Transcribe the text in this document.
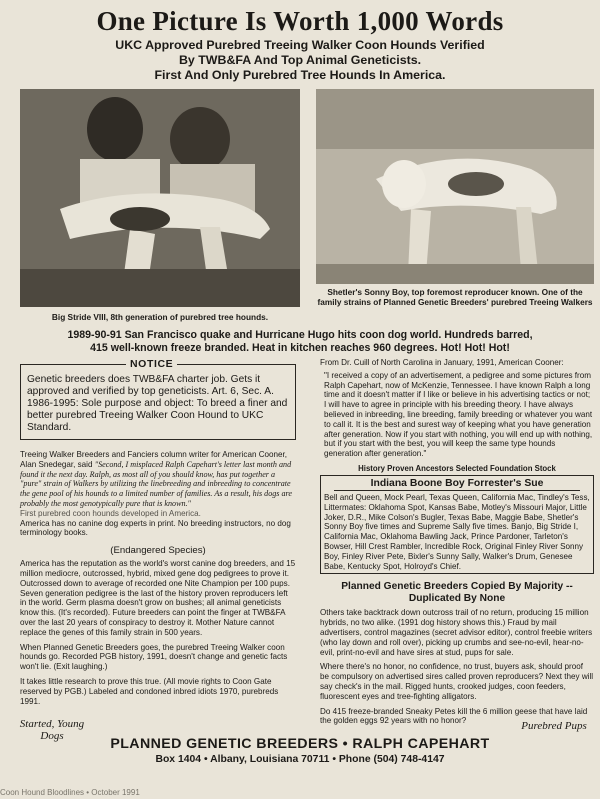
One Picture Is Worth 1,000 Words
UKC Approved Purebred Treeing Walker Coon Hounds Verified
By TWB&FA And Top Animal Geneticists.
First And Only Purebred Tree Hounds In America.
Big Stride VIII, 8th generation of purebred tree hounds.
Shetler's Sonny Boy, top foremost reproducer known. One of the family strains of Planned Genetic Breeders' purebred Treeing Walkers
1989-90-91 San Francisco quake and Hurricane Hugo hits coon dog world. Hundreds barred,
415 well-known freeze branded. Heat in kitchen reaches 960 degrees. Hot! Hot! Hot!
NOTICE
Genetic breeders does TWB&FA charter job. Gets it approved and verified by top geneticists. Art. 6, Sec. A. 1986-1995: Sole purpose and object: To breed a finer and better purebred Treeing Walker Coon Hound to UKC Standard.
Treeing Walker Breeders and Fanciers column writer for American Cooner, Alan Snedegar, said "Second, I misplaced Ralph Capehart's letter last month and found it the next day. Ralph, as most all of you should know, has put together a "pure" strain of Walkers by utilizing the linebreeding and inbreeding to concentrate the gene pool of his hounds to a limited number of families. As a result, his dogs are probably the most genotypically pure that is known."
First purebred coon hounds developed in America.
America has no canine dog experts in print. No breeding instructors, no dog terminology books.
(Endangered Species)

America has the reputation as the world's worst canine dog breeders, and 15 million mediocre, outcrossed, hybrid, mixed gene dog pedigrees to prove it. Outcrossed down to average of recorded one Nite Champion per 100 pups. Seven generation pedigree is the last of the history proven reproducers left in the world. Germ plasma doesn't grow on bushes; all animal geneticists know this. (It's recorded). Future breeders can point the finger at TWB&FA over the last 20 years of conspiracy to destroy it. Mother Nature cannot replace the genes of this family strain in 500 years.

When Planned Genetic Breeders goes, the purebred Treeing Walker coon hounds go. Recorded PGB history, 1991, doesn't change and genetic facts won't lie. (Exit laughing.)

It takes little research to prove this true. (All movie rights to Coon Gate reserved by PGB.) Labeled and condoned inbred idiots 1970, purebreds 1991.

From Dr. Cuill of North Carolina in January, 1991, American Cooner:
"I received a copy of an advertisement, a pedigree and some pictures from Ralph Capehart, now of McKenzie, Tennessee. I have known Ralph a long time and it doesn't matter if I like or believe in his advertising tactics or not; I will have to agree in principle with his breeding theory. I have always believed in inbreeding, line breeding, family breeding or whatever you want to call it. It is the best and surest way of keeping what you have generation after generation. Now if you start with nothing, you will end up with nothing, but if you start with the best, you will keep the same type hounds generation after generation."
History Proven Ancestors Selected Foundation Stock
Indiana Boone Boy Forrester's Sue
Bell and Queen, Mock Pearl, Texas Queen, California Mac, Tindley's Tess, Littermates: Oklahoma Spot, Kansas Babe, Motley's Missouri Major, Little Joker, D.R., Mike Colson's Bugler, Texas Babe, Maggie Babe, Shetler's Sonny Boy five times and Supreme Sally five times. Banjo, Big Stride I, California Mac, Oklahoma Bawling Jack, Prince Pardoner, Tarleton's Bowser, Hill Crest Rambler, Incredible Rock, Original Finley River Sonny Boy, Finley River Pete, Bixler's Sunny Sally, Walker's Drum, Genesee Babe, Kentucky Spot, Holroyd's Chief.
Planned Genetic Breeders Copied By Majority --
Duplicated By None

Others take backtrack down outcross trail of no return, producing 15 million hybrids, no two alike. (1991 dog history shows this.) Fraud by mail advertisers, control magazines (secret advisor editor), control freebie writers (who lay down and roll over), picking up crumbs and see-no-evil, hear-no-evil, print-no-evil and have sires at stud, pups for sale.

Where there's no honor, no confidence, no trust, buyers ask, should proof be compulsory on advertised sires called proven reproducers? Next they will say check's in the mail. Rigged hunts, crooked judges, coon feeders, fluorescent eyes and tree-fighting alligators.

Do 415 freeze-branded Sneaky Petes kill the 6 million geese that have laid the golden eggs 92 years with no honor?

Started, Young Dogs
Purebred Pups
PLANNED GENETIC BREEDERS • RALPH CAPEHART
Box 1404 • Albany, Louisiana 70711 • Phone (504) 748-4147
Coon Hound Bloodlines • October 1991
